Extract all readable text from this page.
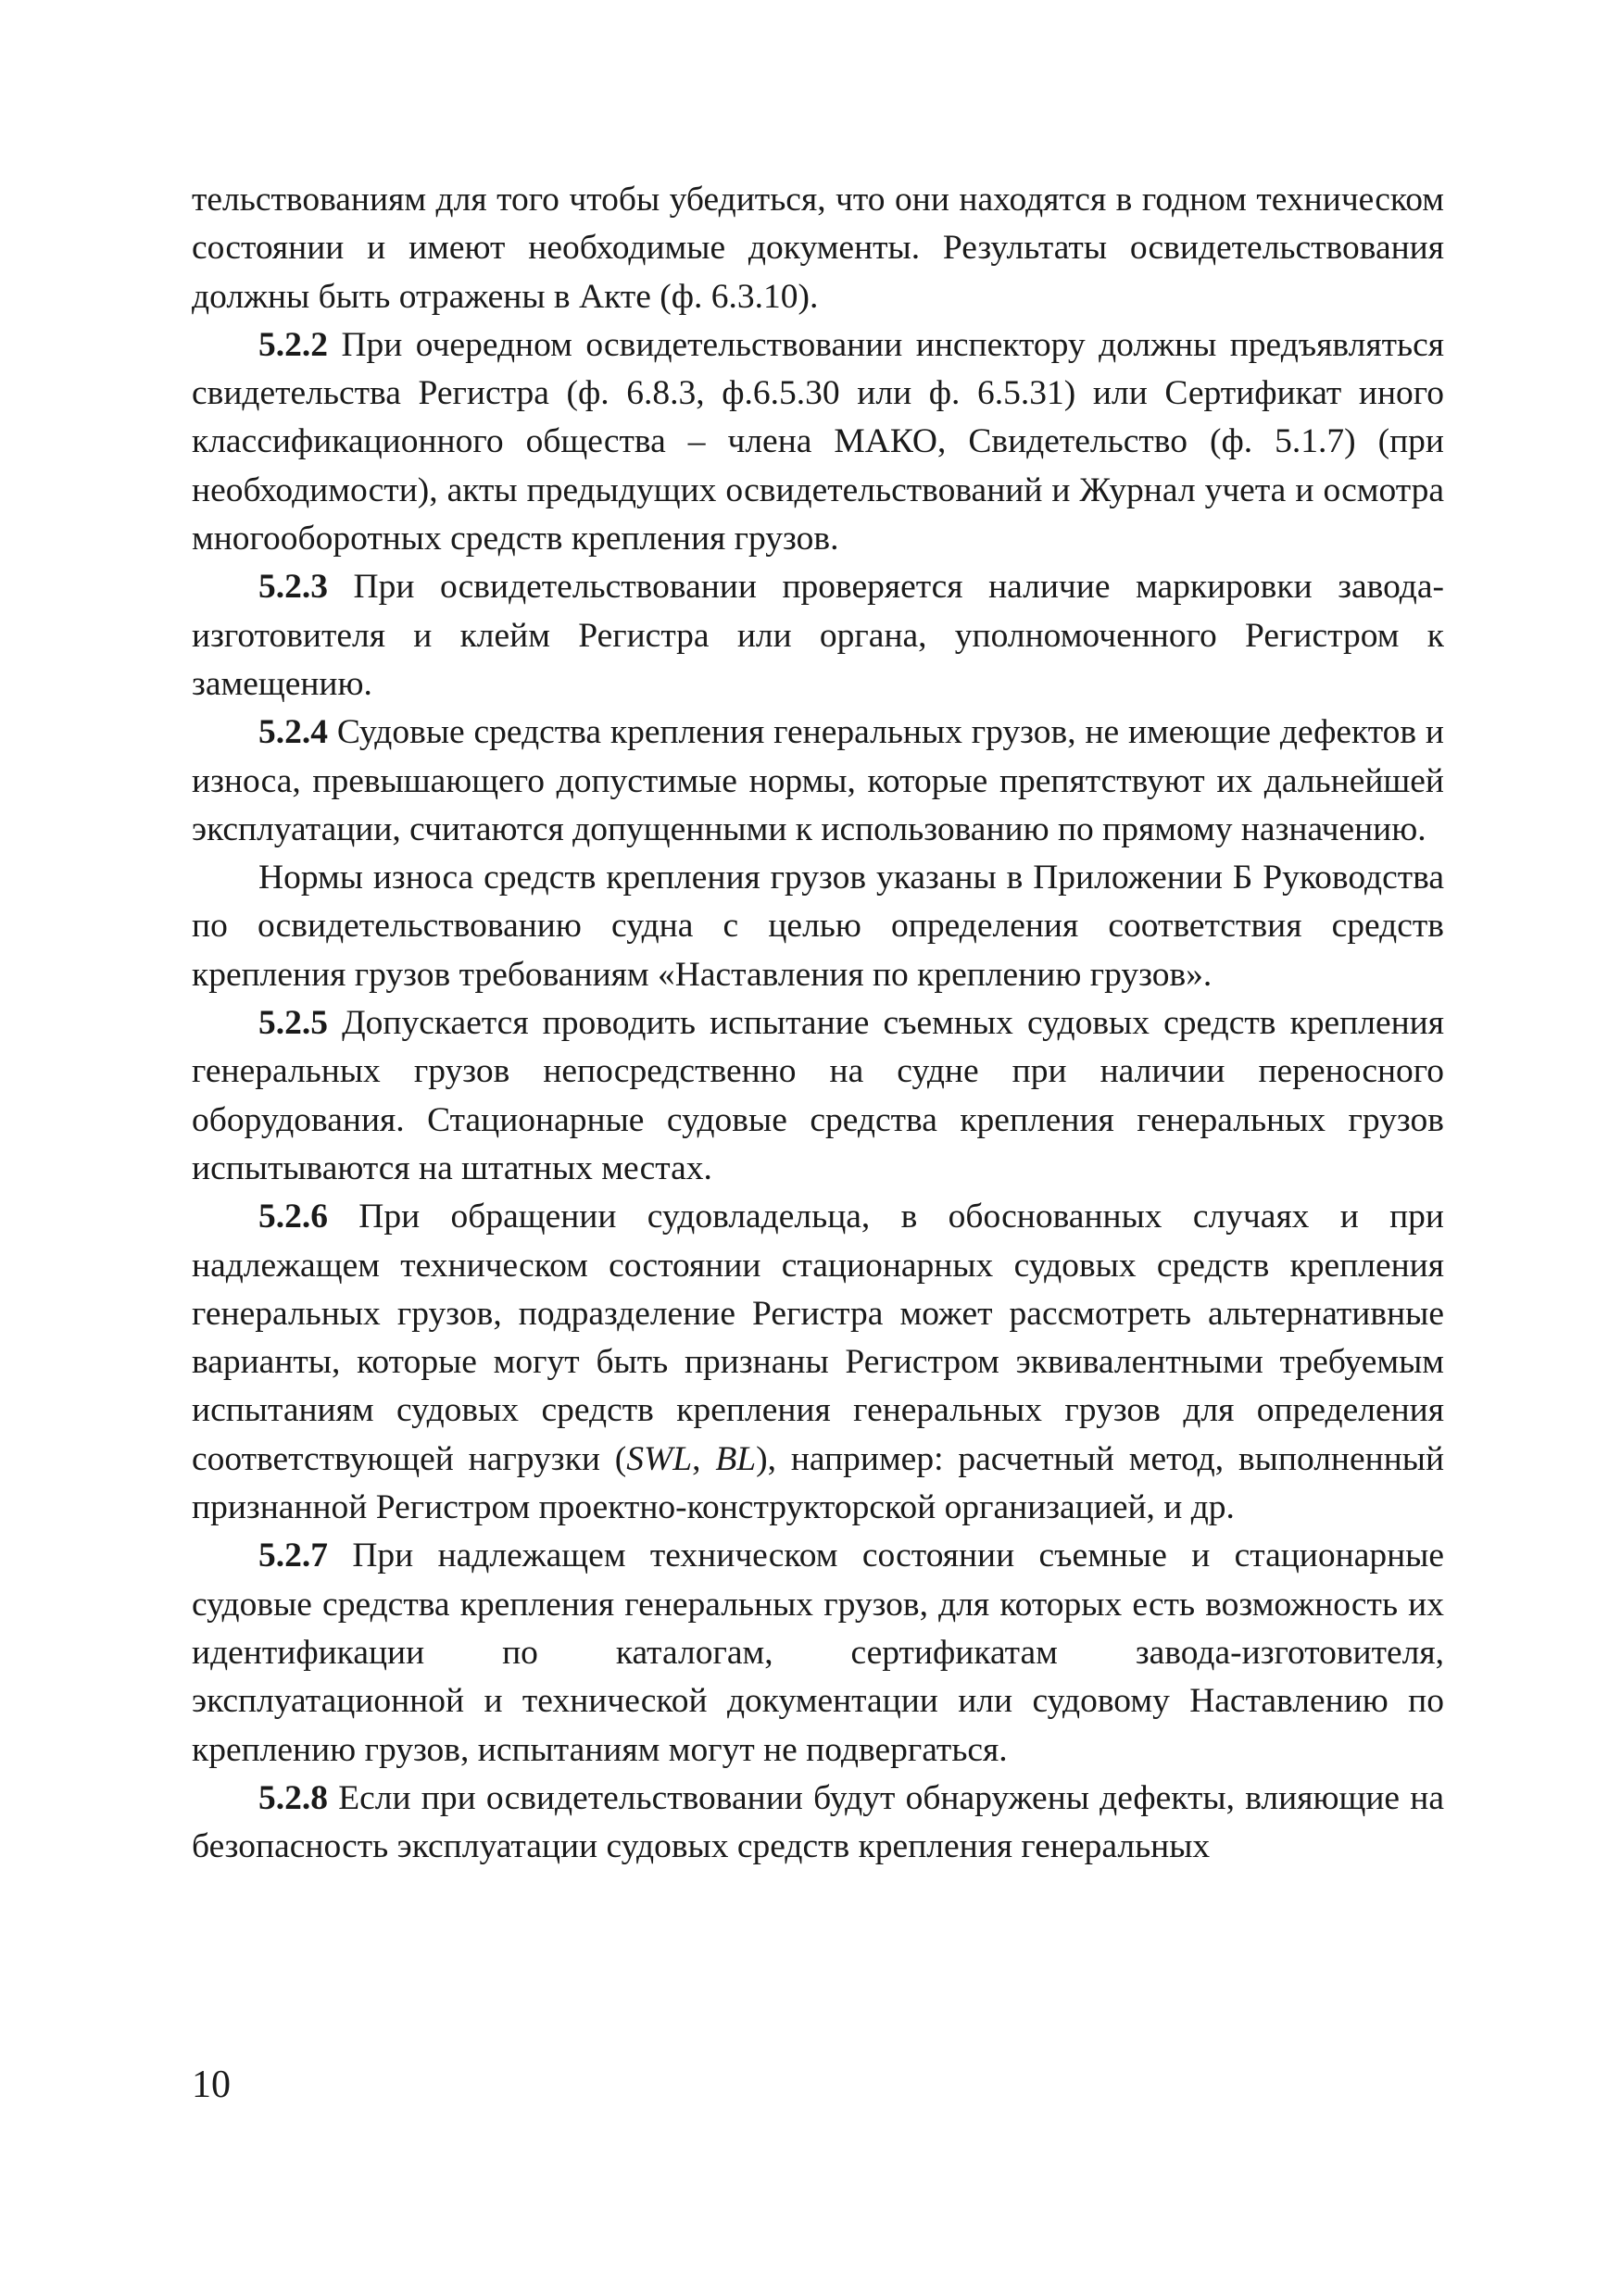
тельствованиям для того чтобы убедиться, что они находятся в годном техническом состоянии и имеют необходимые документы. Результаты освидетельствования должны быть отражены в Акте (ф. 6.3.10).

5.2.2 При очередном освидетельствовании инспектору должны предъявляться свидетельства Регистра (ф. 6.8.3, ф.6.5.30 или ф. 6.5.31) или Сертификат иного классификационного общества – члена МАКО, Свидетельство (ф. 5.1.7) (при необходимости), акты предыдущих освидетельствований и Журнал учета и осмотра многооборотных средств крепления грузов.

5.2.3 При освидетельствовании проверяется наличие маркировки завода-изготовителя и клейм Регистра или органа, уполномоченного Регистром к замещению.

5.2.4 Судовые средства крепления генеральных грузов, не имеющие дефектов и износа, превышающего допустимые нормы, которые препятствуют их дальнейшей эксплуатации, считаются допущенными к использованию по прямому назначению.

Нормы износа средств крепления грузов указаны в Приложении Б Руководства по освидетельствованию судна с целью определения соответствия средств крепления грузов требованиям «Наставления по креплению грузов».

5.2.5 Допускается проводить испытание съемных судовых средств крепления генеральных грузов непосредственно на судне при наличии переносного оборудования. Стационарные судовые средства крепления генеральных грузов испытываются на штатных местах.

5.2.6 При обращении судовладельца, в обоснованных случаях и при надлежащем техническом состоянии стационарных судовых средств крепления генеральных грузов, подразделение Регистра может рассмотреть альтернативные варианты, которые могут быть признаны Регистром эквивалентными требуемым испытаниям судовых средств крепления генеральных грузов для определения соответствующей нагрузки (SWL, BL), например: расчетный метод, выполненный признанной Регистром проектно-конструкторской организацией, и др.

5.2.7 При надлежащем техническом состоянии съемные и стационарные судовые средства крепления генеральных грузов, для которых есть возможность их идентификации по каталогам, сертификатам завода-изготовителя, эксплуатационной и технической документации или судовому Наставлению по креплению грузов, испытаниям могут не подвергаться.

5.2.8 Если при освидетельствовании будут обнаружены дефекты, влияющие на безопасность эксплуатации судовых средств крепления генеральных

10
